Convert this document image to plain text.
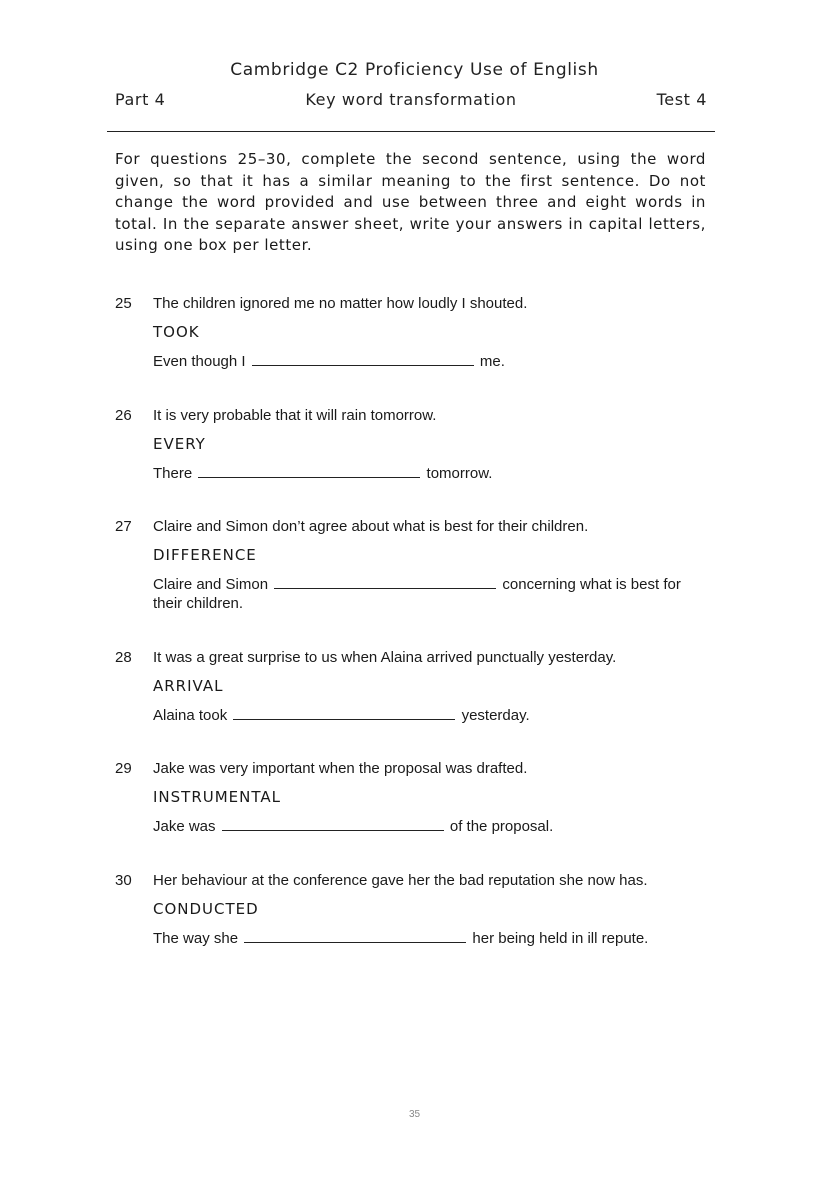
Cambridge C2 Proficiency Use of English
Part 4	Key word transformation	Test 4
For questions 25–30, complete the second sentence, using the word given, so that it has a similar meaning to the first sentence. Do not change the word provided and use between three and eight words in total. In the separate answer sheet, write your answers in capital letters, using one box per letter.
25 The children ignored me no matter how loudly I shouted.

TOOK
Even though I	me.
26 It is very probable that it will rain tomorrow.

EVERY
There	tomorrow.
27 Claire and Simon don’t agree about what is best for their children.

DIFFERENCE
Claire and Simon	concerning what is best for their children.
28 It was a great surprise to us when Alaina arrived punctually yesterday.

ARRIVAL
Alaina took	yesterday.
29 Jake was very important when the proposal was drafted.

INSTRUMENTAL
Jake was	of the proposal.
30 Her behaviour at the conference gave her the bad reputation she now has.

CONDUCTED
The way she	her being held in ill repute.
35
